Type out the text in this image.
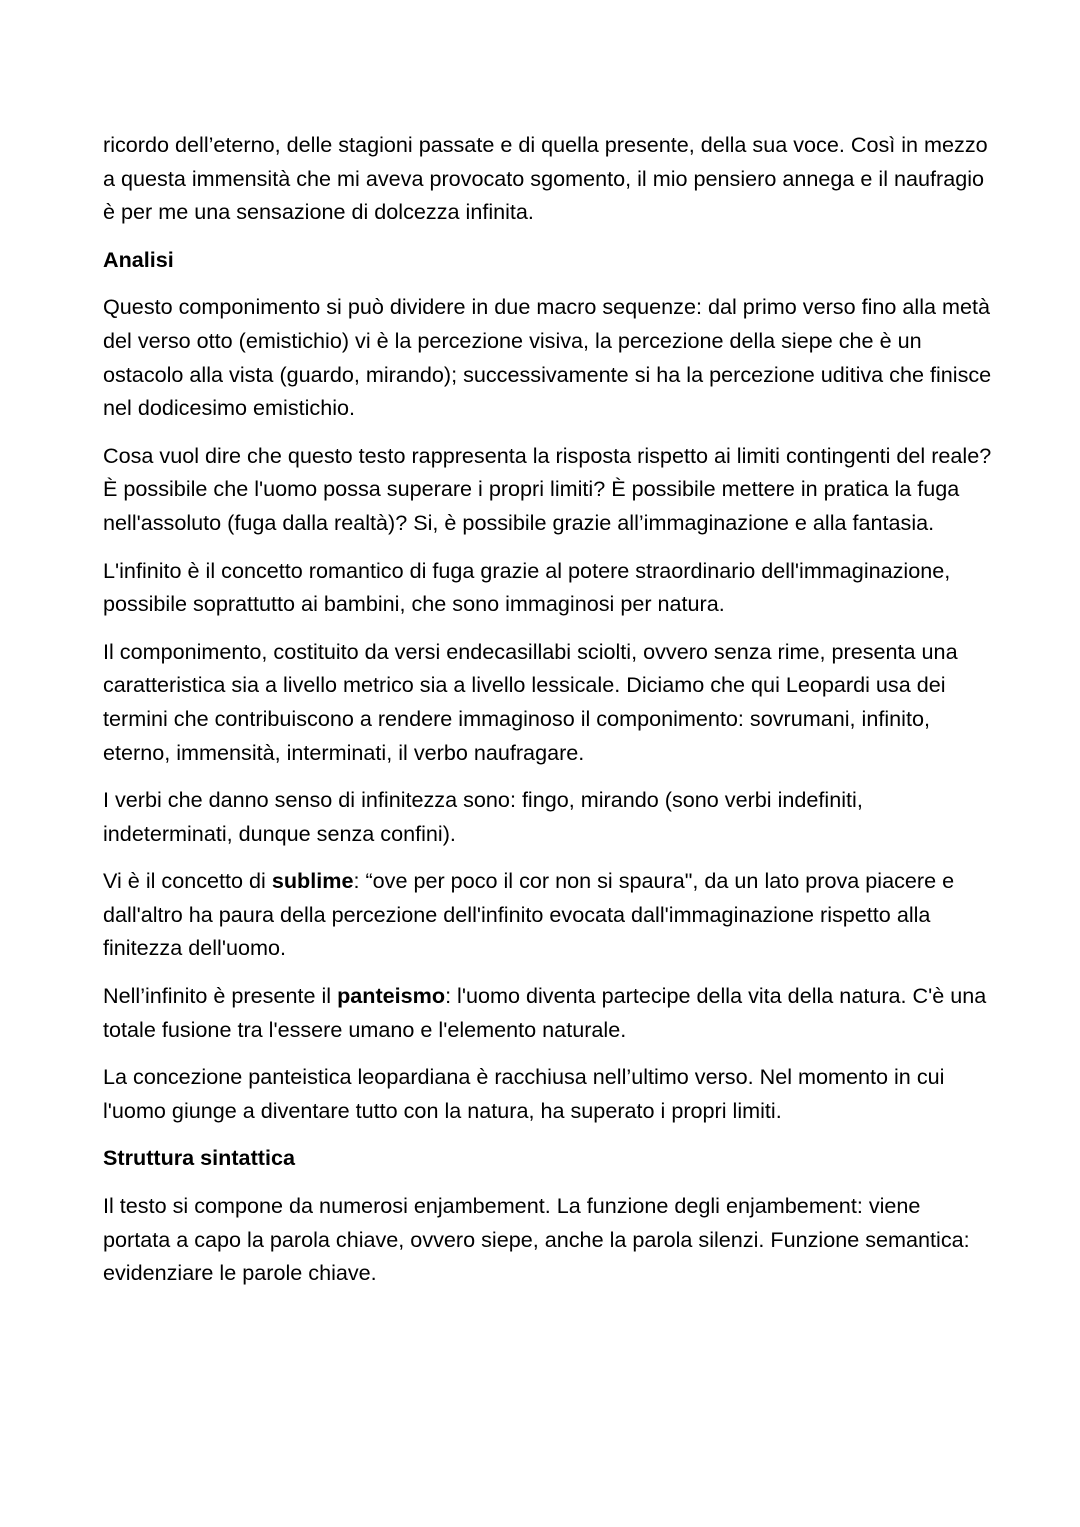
ricordo dell’eterno, delle stagioni passate e di quella presente, della sua voce. Così in mezzo a questa immensità che mi aveva provocato sgomento, il mio pensiero annega e il naufragio è per me una sensazione di dolcezza infinita.

Analisi

Questo componimento si può dividere in due macro sequenze: dal primo verso fino alla metà del verso otto (emistichio) vi è la percezione visiva, la percezione della siepe che è un ostacolo alla vista (guardo, mirando); successivamente si ha la percezione uditiva che finisce nel dodicesimo emistichio.

Cosa vuol dire che questo testo rappresenta la risposta rispetto ai limiti contingenti del reale? È possibile che l'uomo possa superare i propri limiti? È possibile mettere in pratica la fuga nell'assoluto (fuga dalla realtà)? Si, è possibile grazie all’immaginazione e alla fantasia.

L'infinito è il concetto romantico di fuga grazie al potere straordinario dell'immaginazione, possibile soprattutto ai bambini, che sono immaginosi per natura.

Il componimento, costituito da versi endecasillabi sciolti, ovvero senza rime, presenta una caratteristica sia a livello metrico sia a livello lessicale. Diciamo che qui Leopardi usa dei termini che contribuiscono a rendere immaginoso il componimento: sovrumani, infinito, eterno, immensità, interminati, il verbo naufragare.

I verbi che danno senso di infinitezza sono: fingo, mirando (sono verbi indefiniti, indeterminati, dunque senza confini).

Vi è il concetto di sublime: “ove per poco il cor non si spaura", da un lato prova piacere e dall'altro ha paura della percezione dell'infinito evocata dall'immaginazione rispetto alla finitezza dell'uomo.

Nell’infinito è presente il panteismo: l'uomo diventa partecipe della vita della natura. C'è una totale fusione tra l'essere umano e l'elemento naturale.

La concezione panteistica leopardiana è racchiusa nell’ultimo verso. Nel momento in cui l'uomo giunge a diventare tutto con la natura, ha superato i propri limiti.

Struttura sintattica

Il testo si compone da numerosi enjambement. La funzione degli enjambement: viene portata a capo la parola chiave, ovvero siepe, anche la parola silenzi. Funzione semantica: evidenziare le parole chiave.
